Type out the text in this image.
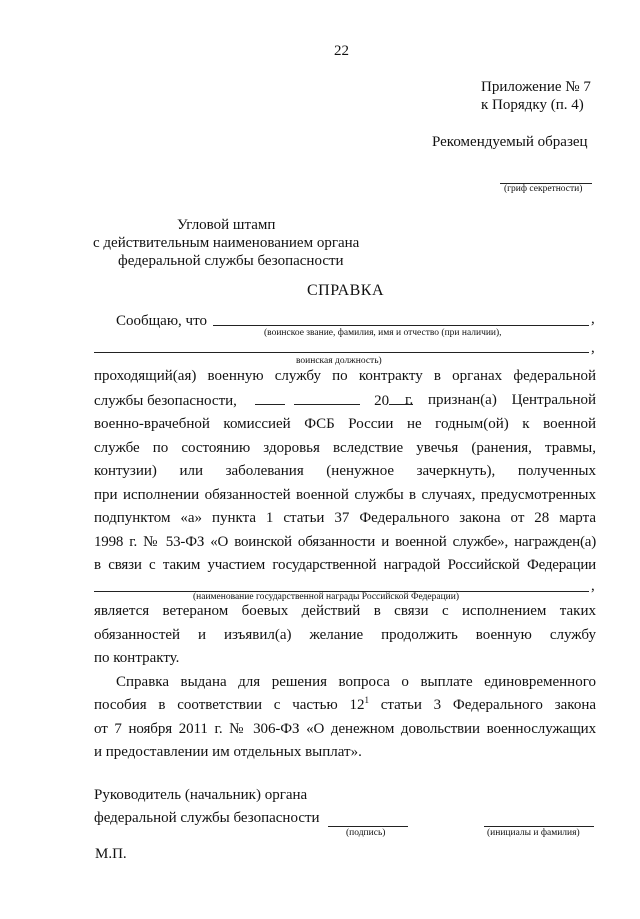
22
Приложение № 7
к Порядку (п. 4)
Рекомендуемый образец
(гриф секретности)
Угловой штамп
с действительным наименованием органа
федеральной службы безопасности
СПРАВКА
Сообщаю, что	,
(воинское звание, фамилия, имя и отчество (при наличии),
,
воинская должность)
проходящий(ая) военную службу по контракту в органах федеральной
службы безопасности,	20	г. признан(а) Центральной
военно-врачебной комиссией ФСБ России не годным(ой) к военной
службе по состоянию здоровья вследствие увечья (ранения, травмы,
контузии) или заболевания (ненужное зачеркнуть), полученных
при исполнении обязанностей военной службы в случаях, предусмотренных
подпунктом «а» пункта 1 статьи 37 Федерального закона от 28 марта
1998 г. № 53-ФЗ «О воинской обязанности и военной службе», награжден(а)
в связи с таким участием государственной наградой Российской Федерации
,
(наименование государственной награды Российской Федерации)
является ветераном боевых действий в связи с исполнением таких
обязанностей и изъявил(а) желание продолжить военную службу
по контракту.
Справка выдана для решения вопроса о выплате единовременного
пособия в соответствии с частью $12^1$ статьи 3 Федерального закона
от 7 ноября 2011 г. № 306-ФЗ «О денежном довольствии военнослужащих
и предоставлении им отдельных выплат».
Руководитель (начальник) органа
федеральной службы безопасности
(подпись)	(инициалы и фамилия)
М.П.
